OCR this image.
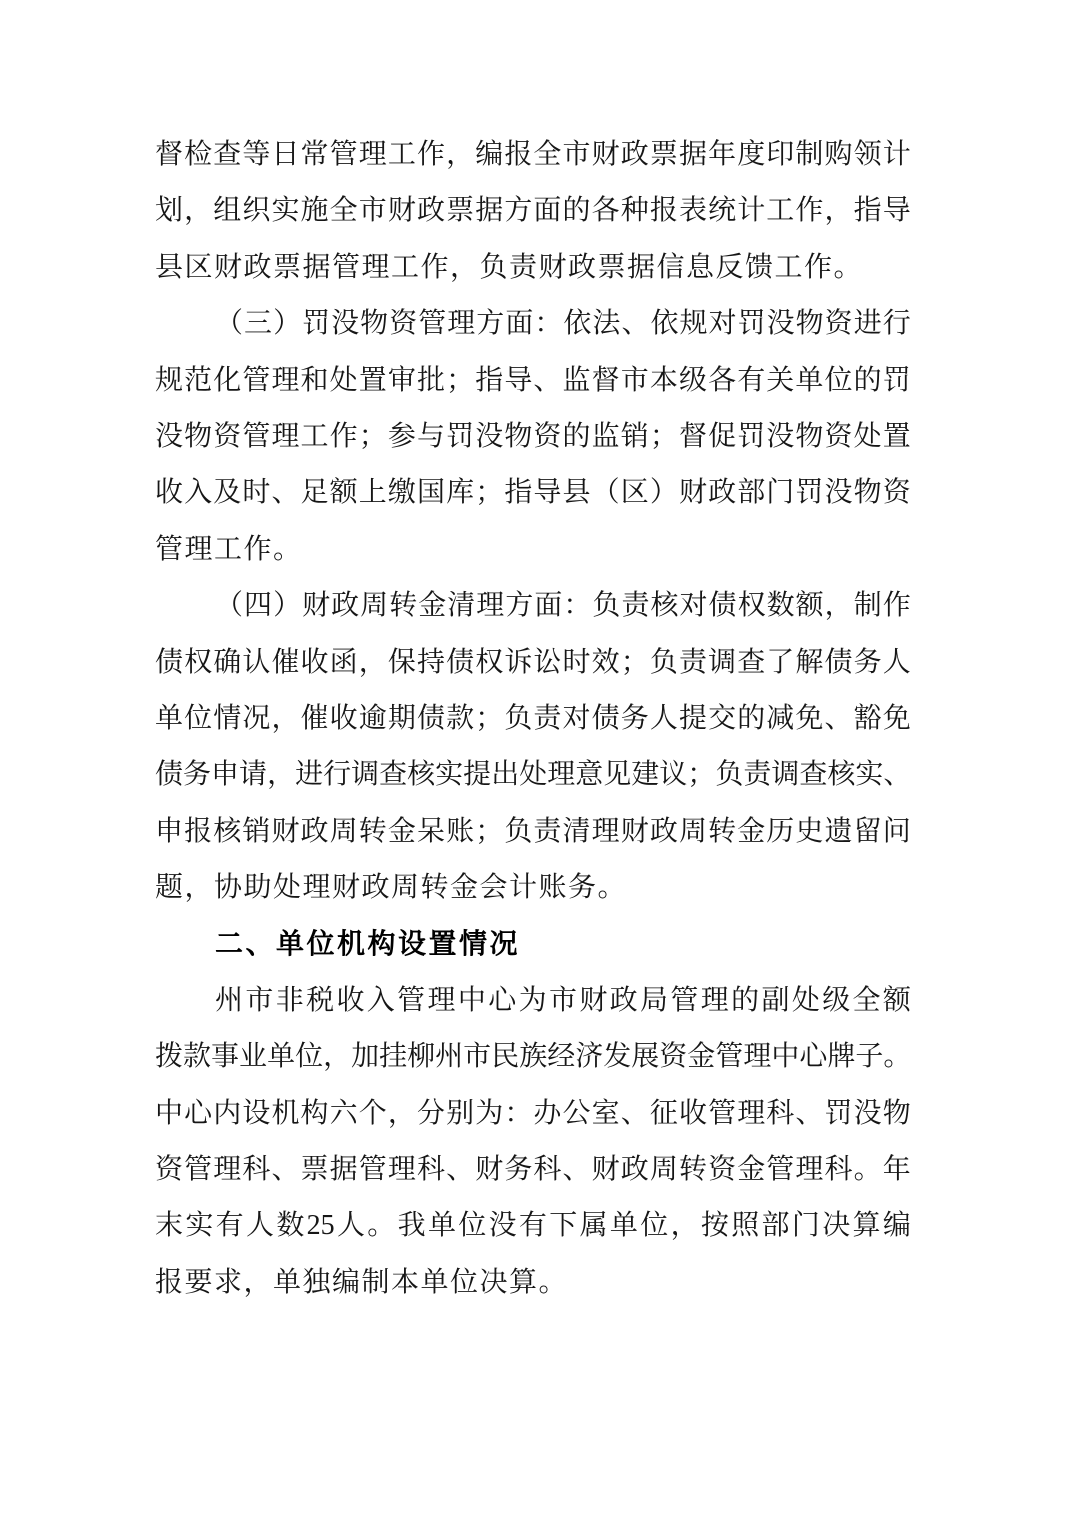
督 检 查 等 日 常 管 理 工 作 ， 编 报 全 市 财 政 票 据 年 度 印 制 购 领 计
划 ， 组 织 实 施 全 市 财 政 票 据 方 面 的 各 种 报 表 统 计 工 作 ， 指 导
县区财政票据管理工作，负责财政票据信息反馈工作。
（ 三 ） 罚 没 物 资 管 理 方 面 ： 依 法 、 依 规 对 罚 没 物 资 进 行
规 范 化 管 理 和 处 置 审 批 ； 指 导 、 监 督 市 本 级 各 有 关 单 位 的 罚
没 物 资 管 理 工 作 ； 参 与 罚 没 物 资 的 监 销 ； 督 促 罚 没 物 资 处 置
收 入 及 时 、 足 额 上 缴 国 库 ； 指 导 县 （ 区 ） 财 政 部 门 罚 没 物 资
管理工作。
（ 四 ） 财 政 周 转 金 清 理 方 面 ： 负 责 核 对 债 权 数 额 ， 制 作
债 权 确 认 催 收 函 ， 保 持 债 权 诉 讼 时 效 ； 负 责 调 查 了 解 债 务 人
单 位 情 况 ， 催 收 逾 期 债 款 ； 负 责 对 债 务 人 提 交 的 减 免 、 豁 免
债 务 申 请 ， 进 行 调 查 核 实 提 出 处 理 意 见 建 议 ； 负 责 调 查 核 实 、
申 报 核 销 财 政 周 转 金 呆 账 ； 负 责 清 理 财 政 周 转 金 历 史 遗 留 问
题，协助处理财政周转金会计账务。
二、单位机构设置情况
州 市 非 税 收 入 管 理 中 心 为 市 财 政 局 管 理 的 副 处 级 全 额
拨 款 事 业 单 位 ， 加 挂 柳 州 市 民 族 经 济 发 展 资 金 管 理 中 心 牌 子 。
中 心 内 设 机 构 六 个 ， 分 别 为 ： 办 公 室 、 征 收 管 理 科 、 罚 没 物
资 管 理 科 、 票 据 管 理 科 、 财 务 科 、 财 政 周 转 资 金 管 理 科 。 年
末 实 有 人 数 25 人 。 我 单 位 没 有 下 属 单 位 ， 按 照 部 门 决 算 编
报要求，单独编制本单位决算。
